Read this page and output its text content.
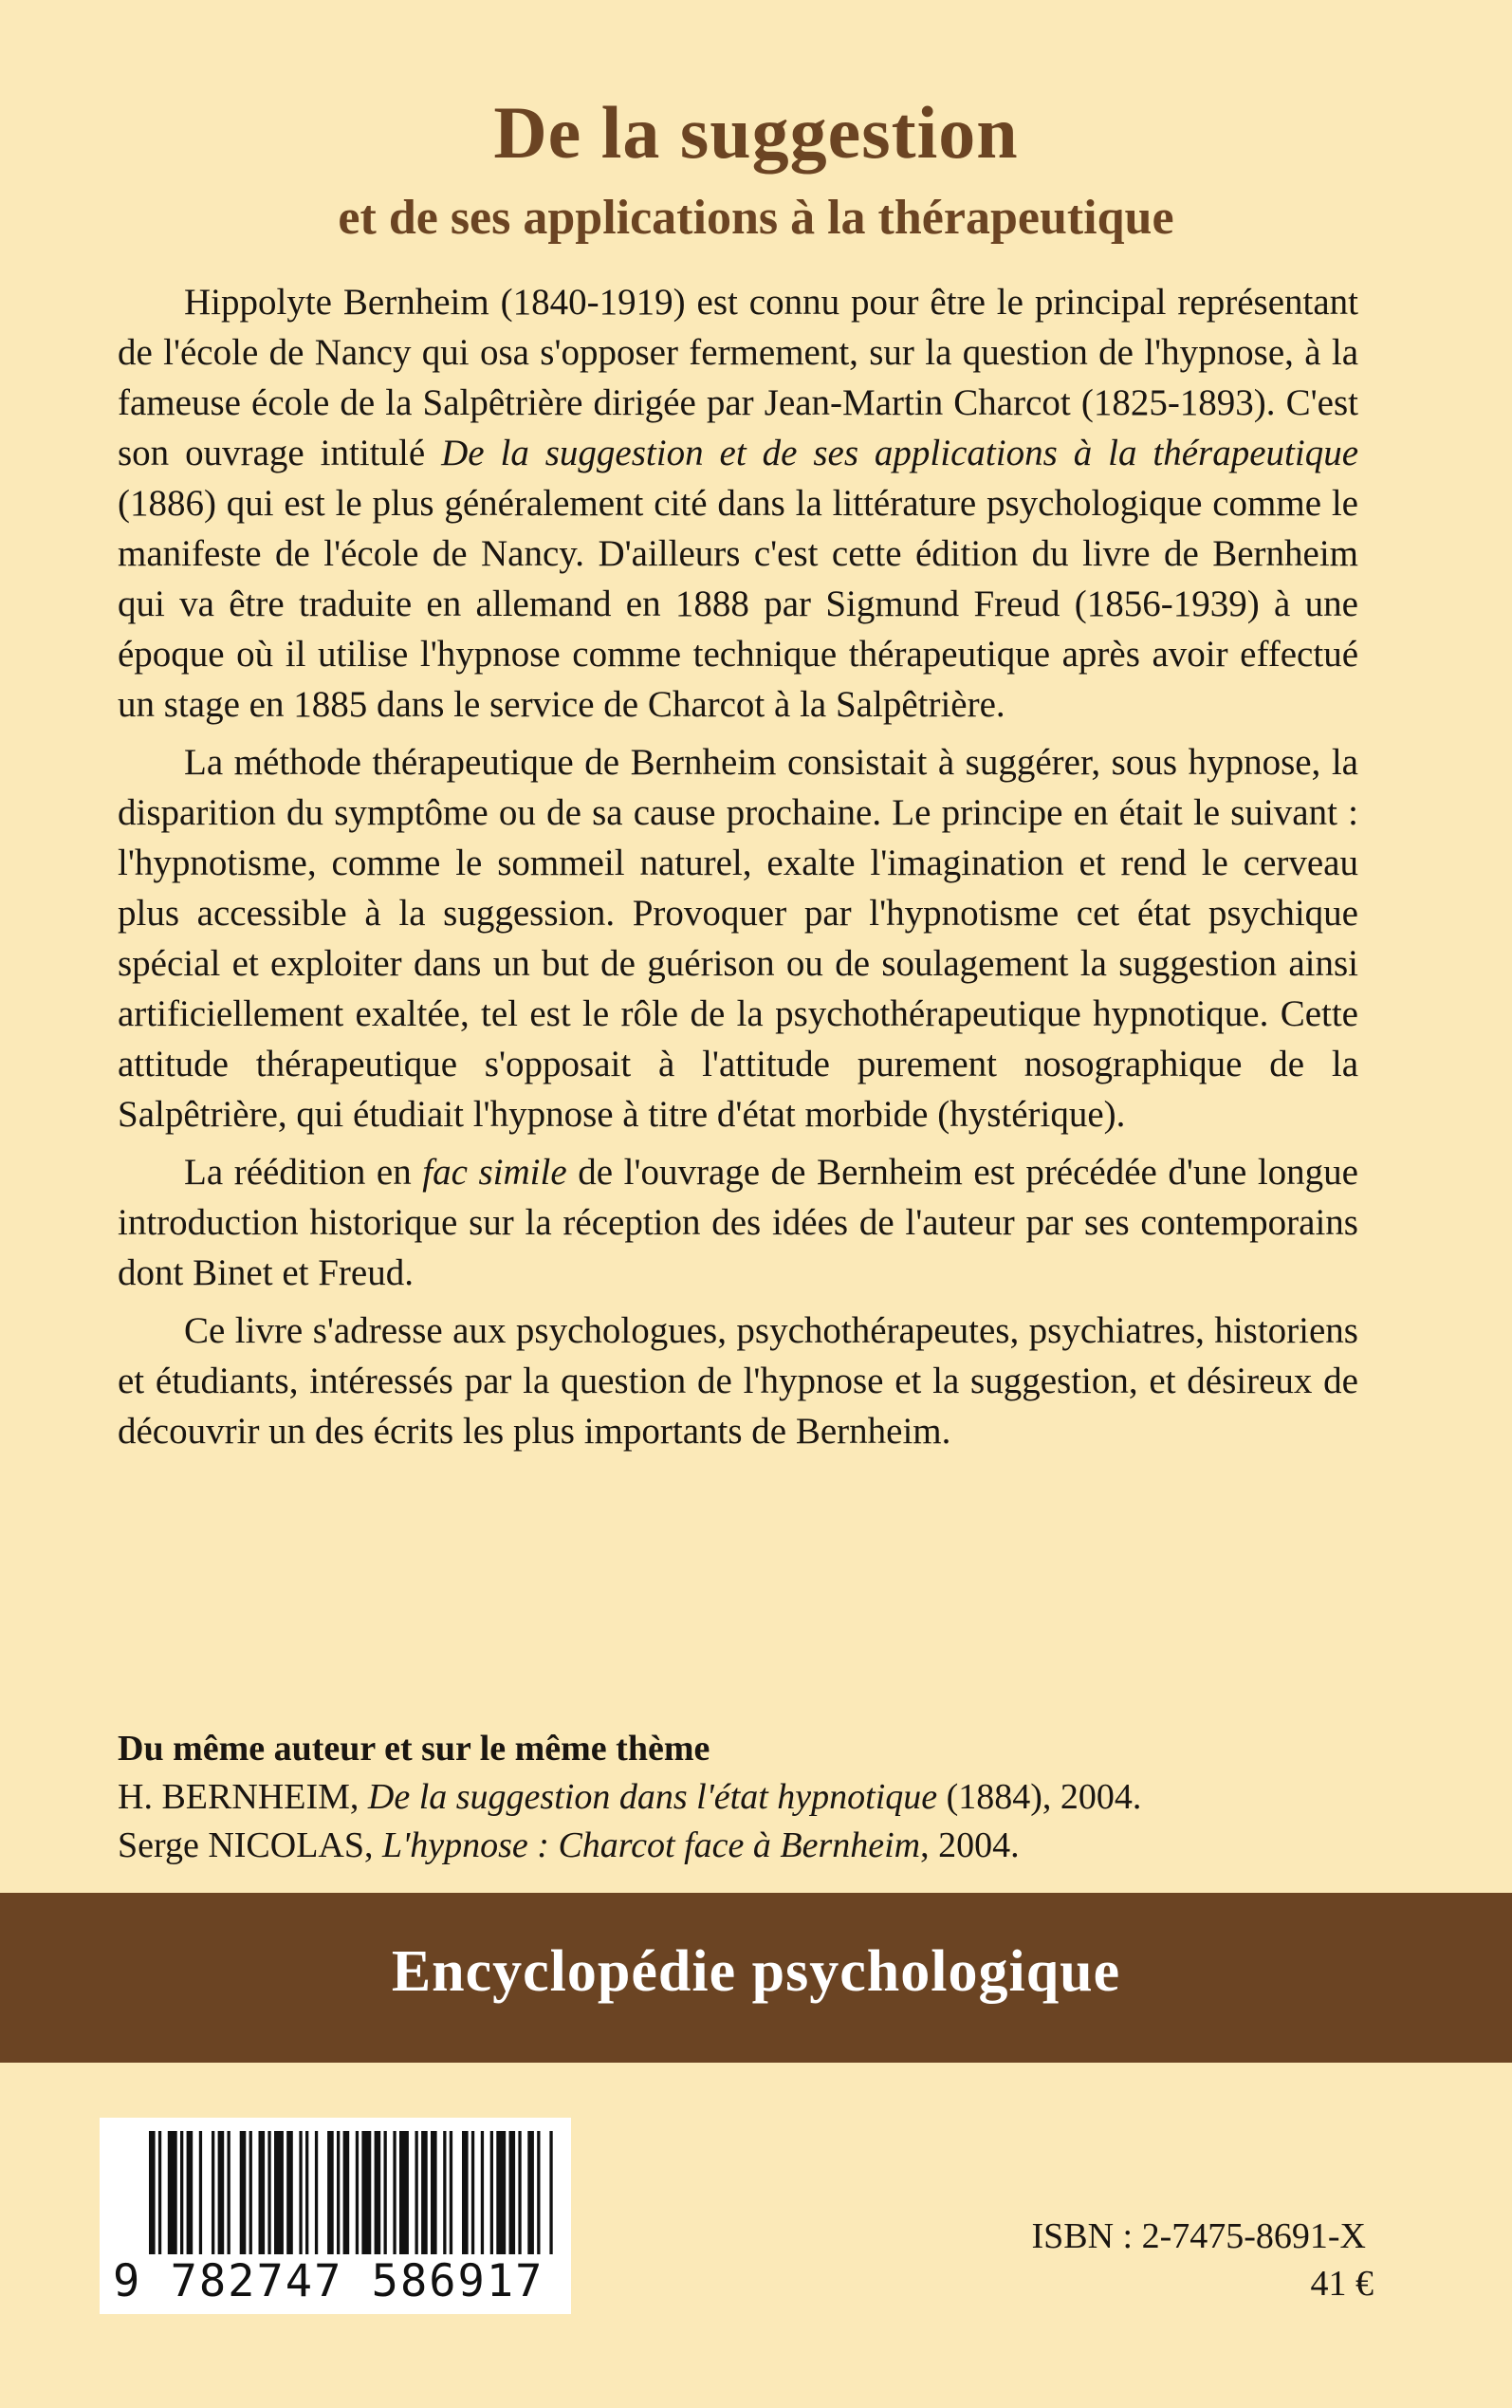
De la suggestion
et de ses applications à la thérapeutique

Hippolyte Bernheim (1840-1919) est connu pour être le principal représentant de l'école de Nancy qui osa s'opposer fermement, sur la question de l'hypnose, à la fameuse école de la Salpêtrière dirigée par Jean-Martin Charcot (1825-1893). C'est son ouvrage intitulé De la suggestion et de ses applications à la thérapeutique (1886) qui est le plus généralement cité dans la littérature psychologique comme le manifeste de l'école de Nancy. D'ailleurs c'est cette édition du livre de Bernheim qui va être traduite en allemand en 1888 par Sigmund Freud (1856-1939) à une époque où il utilise l'hypnose comme technique thérapeutique après avoir effectué un stage en 1885 dans le service de Charcot à la Salpêtrière.

La méthode thérapeutique de Bernheim consistait à suggérer, sous hypnose, la disparition du symptôme ou de sa cause prochaine. Le principe en était le suivant : l'hypnotisme, comme le sommeil naturel, exalte l'imagination et rend le cerveau plus accessible à la suggession. Provoquer par l'hypnotisme cet état psychique spécial et exploiter dans un but de guérison ou de soulagement la suggestion ainsi artificiellement exaltée, tel est le rôle de la psychothérapeutique hypnotique. Cette attitude thérapeutique s'opposait à l'attitude purement nosographique de la Salpêtrière, qui étudiait l'hypnose à titre d'état morbide (hystérique).

La réédition en fac simile de l'ouvrage de Bernheim est précédée d'une longue introduction historique sur la réception des idées de l'auteur par ses contemporains dont Binet et Freud.

Ce livre s'adresse aux psychologues, psychothérapeutes, psychiatres, historiens et étudiants, intéressés par la question de l'hypnose et la suggestion, et désireux de découvrir un des écrits les plus importants de Bernheim.

Du même auteur et sur le même thème
H. BERNHEIM, De la suggestion dans l'état hypnotique (1884), 2004.
Serge NICOLAS, L'hypnose : Charcot face à Bernheim, 2004.
Encyclopédie psychologique
9 782747 586917
ISBN : 2-7475-8691-X
41 €
